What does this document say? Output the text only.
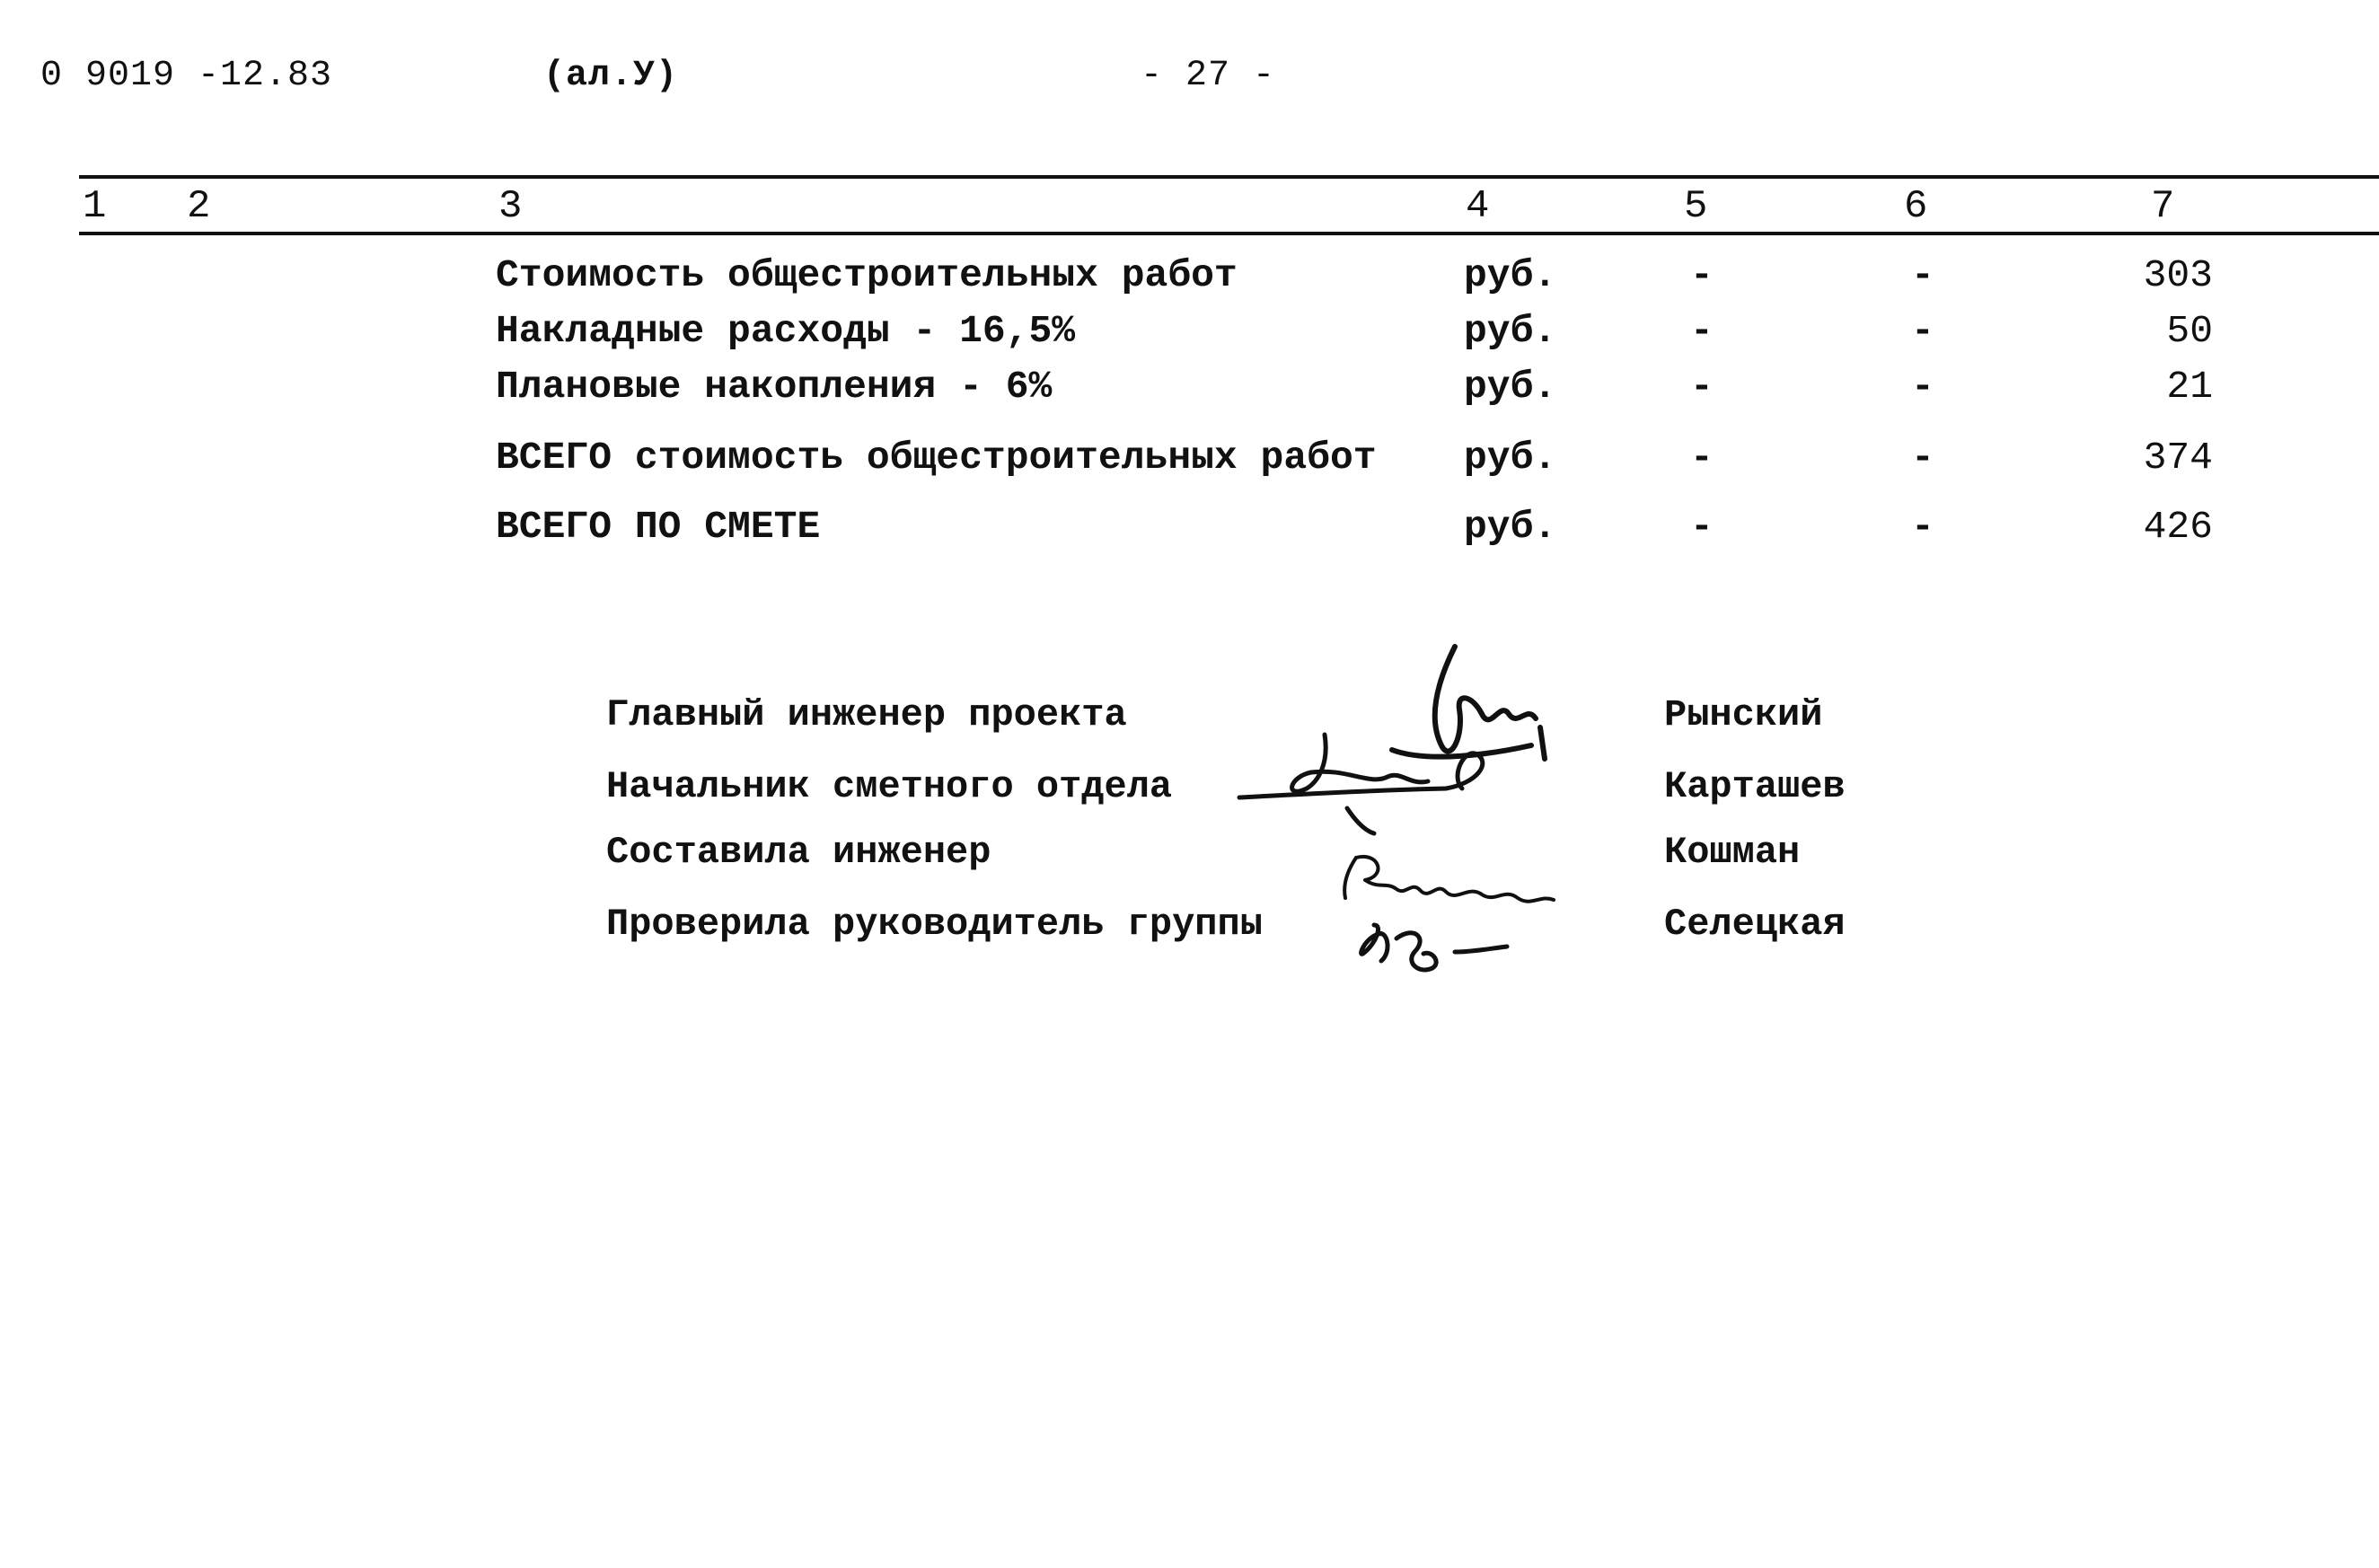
0 9019 -12.83	(ал.У)	- 27 -
1 2	3	4	5	6	7
Стоимость общестроительных работ	руб.	-	-	303
Накладные расходы - 16,5%	руб.	-	-	50
Плановые накопления - 6%	руб.	-	-	21
ВСЕГО стоимость общестроительных работ руб.	-	-	374
ВСЕГО ПО СМЕТЕ	руб.	-	-	426
Главный инженер проекта	Рынский
Начальник сметного отдела	Карташев
Составила инженер	Кошман
Проверила руководитель группы	Селецкая
